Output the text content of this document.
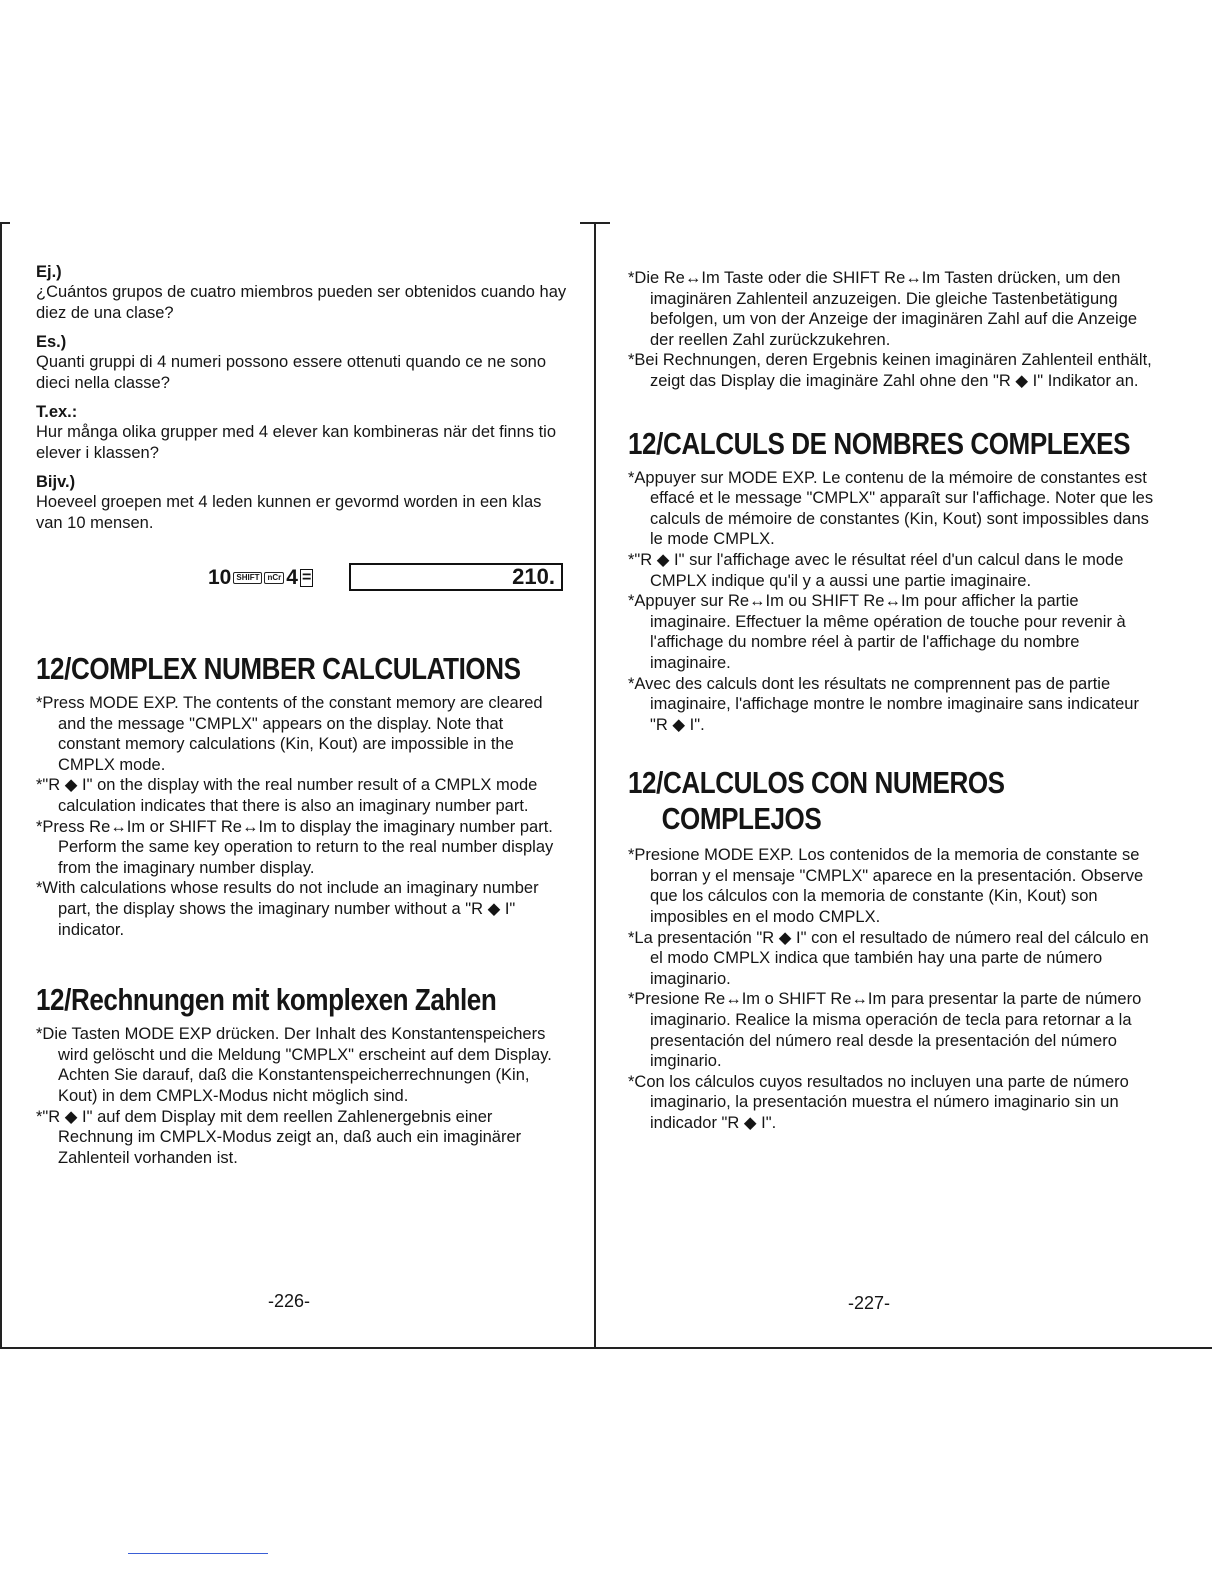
Ej.)

¿Cuántos grupos de cuatro miembros pueden ser obtenidos cuando hay diez de una clase?

Es.)

Quanti gruppi di 4 numeri possono essere ottenuti quando ce ne sono dieci nella classe?

T.ex.:

Hur många olika grupper med 4 elever kan kombineras när det finns tio elever i klassen?

Bijv.)

Hoeveel groepen met 4 leden kunnen er gevormd worden in een klas van 10 mensen.

10 SHIFT	nCr 4 =	210.
12/COMPLEX NUMBER CALCULATIONS
*Press MODE EXP. The contents of the constant memory are cleared and the message "CMPLX" appears on the display. Note that constant memory calculations (Kin, Kout) are impossible in the CMPLX mode.
*"R ◆ I" on the display with the real number result of a CMPLX mode calculation indicates that there is also an imaginary number part.
*Press Re↔Im or SHIFT Re↔Im to display the imaginary number part. Perform the same key operation to return to the real number display from the imaginary number display.
*With calculations whose results do not include an imaginary number part, the display shows the imaginary number without a "R ◆ I" indicator.
12/Rechnungen mit komplexen Zahlen
*Die Tasten MODE EXP drücken. Der Inhalt des Konstantenspeichers wird gelöscht und die Meldung "CMPLX" erscheint auf dem Display. Achten Sie darauf, daß die Konstantenspeicherrechnungen (Kin, Kout) in dem CMPLX-Modus nicht möglich sind.
*"R ◆ I" auf dem Display mit dem reellen Zahlenergebnis einer Rechnung im CMPLX-Modus zeigt an, daß auch ein imaginärer Zahlenteil vorhanden ist.
-226-
*Die Re↔Im Taste oder die SHIFT Re↔Im Tasten drücken, um den imaginären Zahlenteil anzuzeigen. Die gleiche Tastenbetätigung befolgen, um von der Anzeige der imaginären Zahl auf die Anzeige der reellen Zahl zurückzukehren.
*Bei Rechnungen, deren Ergebnis keinen imaginären Zahlenteil enthält, zeigt das Display die imaginäre Zahl ohne den "R ◆ I" Indikator an.
12/CALCULS DE NOMBRES COMPLEXES
*Appuyer sur MODE EXP. Le contenu de la mémoire de constantes est effacé et le message "CMPLX" apparaît sur l'affichage. Noter que les calculs de mémoire de constantes (Kin, Kout) sont impossibles dans le mode CMPLX.
*"R ◆ I" sur l'affichage avec le résultat réel d'un calcul dans le mode CMPLX indique qu'il y a aussi une partie imaginaire.
*Appuyer sur Re↔Im ou SHIFT Re↔Im pour afficher la partie imaginaire. Effectuer la même opération de touche pour revenir à l'affichage du nombre réel à partir de l'affichage du nombre imaginaire.
*Avec des calculs dont les résultats ne comprennent pas de partie imaginaire, l'affichage montre le nombre imaginaire sans indicateur "R ◆ I".
12/CALCULOS CON NUMEROS
COMPLEJOS
*Presione MODE EXP. Los contenidos de la memoria de constante se borran y el mensaje "CMPLX" aparece en la presentación. Observe que los cálculos con la memoria de constante (Kin, Kout) son imposibles en el modo CMPLX.
*La presentación "R ◆ I" con el resultado de número real del cálculo en el modo CMPLX indica que también hay una parte de número imaginario.
*Presione Re↔Im o SHIFT Re↔Im para presentar la parte de número imaginario. Realice la misma operación de tecla para retornar a la presentación del número real desde la presentación del número imginario.
*Con los cálculos cuyos resultados no incluyen una parte de número imaginario, la presentación muestra el número imaginario sin un indicador "R ◆ I".
-227-
